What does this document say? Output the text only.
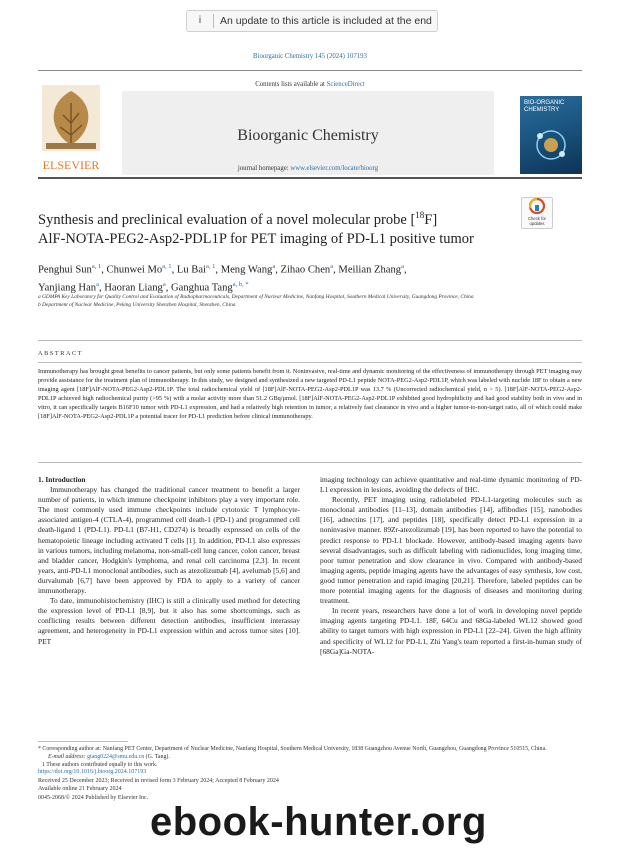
i	An update to this article is included at the end
Bioorganic Chemistry 145 (2024) 107193
ELSEVIER
Contents lists available at ScienceDirect
Bioorganic Chemistry
journal homepage: www.elsevier.com/locate/bioorg
BIO-ORGANIC CHEMISTRY
Check for updates
Synthesis and preclinical evaluation of a novel molecular probe [$^{18}$F]
AlF-NOTA-PEG2-Asp2-PDL1P for PET imaging of PD-L1 positive tumor
Penghui Sun$^{a, 1}$, Chunwei Mo$^{a, 1}$, Lu Bai$^{a, 1}$, Meng Wang$^a$, Zihao Chen$^a$, Meilian Zhang$^a$,
Yanjiang Han$^a$, Haoran Liang$^a$, Ganghua Tang$^{a, b, *}$
a GDMPA Key Laboratory for Quality Control and Evaluation of Radiopharmaceuticals, Department of Nuclear Medicine, Nanfang Hospital, Southern Medical University, Guangdong Province, China
b Department of Nuclear Medicine, Peking University Shenzhen Hospital, Shenzhen, China
ABSTRACT
Immunotherapy has brought great benefits to cancer patients, but only some patients benefit from it. Noninvasive, real-time and dynamic monitoring of the effectiveness of immunotherapy through PET imaging may provide assistance for the treatment plan of immunotherapy. In this study, we designed and synthesized a new targeted PD-L1 peptide NOTA-PEG2-Asp2-PDL1P, which was labeled with nuclide 18F to obtain a new imaging agent [18F]AlF-NOTA-PEG2-Asp2-PDL1P. The total radiochemical yield of [18F]AlF-NOTA-PEG2-Asp2-PDL1P was 13.7 % (Uncorrected radiochemical yield, n > 5). [18F]AlF-NOTA-PEG2-Asp2-PDL1P achieved high radiochemical purity (>95 %) with a molar activity more than 51.2 GBq/μmol. [18F]AlF-NOTA-PEG2-Asp2-PDL1P exhibited good hydrophilicity and had good stability both in vivo and in vitro, it can specifically targets B16F10 tumor with PD-L1 expression, and had a relatively high retention in tumor, a relatively fast clearance in vivo and a higher tumor-to-non-target ratio, all of which could make [18F]AlF-NOTA-PEG2-Asp2-PDL1P a potential tracer for PD-L1 prediction before clinical immunotherapy.

1. Introduction

Immunotherapy has changed the traditional cancer treatment to benefit a larger number of patients, in which immune checkpoint inhibitors play a very important role. The most commonly used immune checkpoints include cytotoxic T lymphocyte-associated antigen-4 (CTLA-4), programmed cell death-1 (PD-1) and programmed cell death-ligand 1 (PD-L1). PD-L1 (B7-H1, CD274) is broadly expressed on cells of the hematopoietic lineage including activated T cells [1]. In addition, PD-L1 also expresses in various tumors, including melanoma, non-small-cell lung cancer, colon cancer, breast and bladder cancer, Hodgkin's lymphoma, and renal cell carcinoma [2,3]. In recent years, anti-PD-L1 monoclonal antibodies, such as atezolizumab [4], avelumab [5,6] and durvalumab [6,7] have been approved by FDA to apply to a variety of cancer immunotherapy.

To date, immunohistochemistry (IHC) is still a clinically used method for detecting the expression level of PD-L1 [8,9], but it also has some shortcomings, such as conflicting results between different detection antibodies, insufficient interassay agreement, and heterogeneity in PD-L1 expression within and across tumor sites [10]. PET

imaging technology can achieve quantitative and real-time dynamic monitoring of PD-L1 expression in lesions, avoiding the defects of IHC.

Recently, PET imaging using radiolabeled PD-L1-targeting molecules such as monoclonal antibodies [11–13], domain antibodies [14], affibodies [15], nanobodies [16], adnectins [17], and peptides [18], specifically detect PD-L1 expression in a noninvasive manner. 89Zr-atezolizumab [19], has been reported to have the potential to predict response to PD-L1 blockade. However, antibody-based imaging agents have several disadvantages, such as difficult labeling with radionuclides, long imaging time, poor tumor penetration and slow clearance in vivo. Compared with antibody-based imaging agents, peptide imaging agents have the advantages of easy synthesis, low cost, good tumor penetration and rapid imaging [20,21]. Therefore, labeled peptides can be more potential imaging agents for the diagnosis of diseases and monitoring during treatment.

In recent years, researchers have done a lot of work in developing novel peptide imaging agents targeting PD-L1. 18F, 64Cu and 68Ga-labeled WL12 showed good ability to target tumors with high expression in PD-L1 [22–24]. Given the high affinity and specificity of WL12 for PD-L1, Zhi Yang's team reported a first-in-human study of [68Ga]Ga-NOTA-

* Corresponding author at: Nanfang PET Center, Department of Nuclear Medicine, Nanfang Hospital, Southern Medical University, 1838 Guangzhou Avenue North, Guangzhou, Guangdong Province 510515, China.
E-mail address: gtang0224@smu.edu.cn (G. Tang).
1 These authors contributed equally to this work.
https://doi.org/10.1016/j.bioorg.2024.107193
Received 25 December 2023; Received in revised form 3 February 2024; Accepted 8 February 2024
Available online 21 February 2024
0045-2068/© 2024 Published by Elsevier Inc.
ebook-hunter.org
